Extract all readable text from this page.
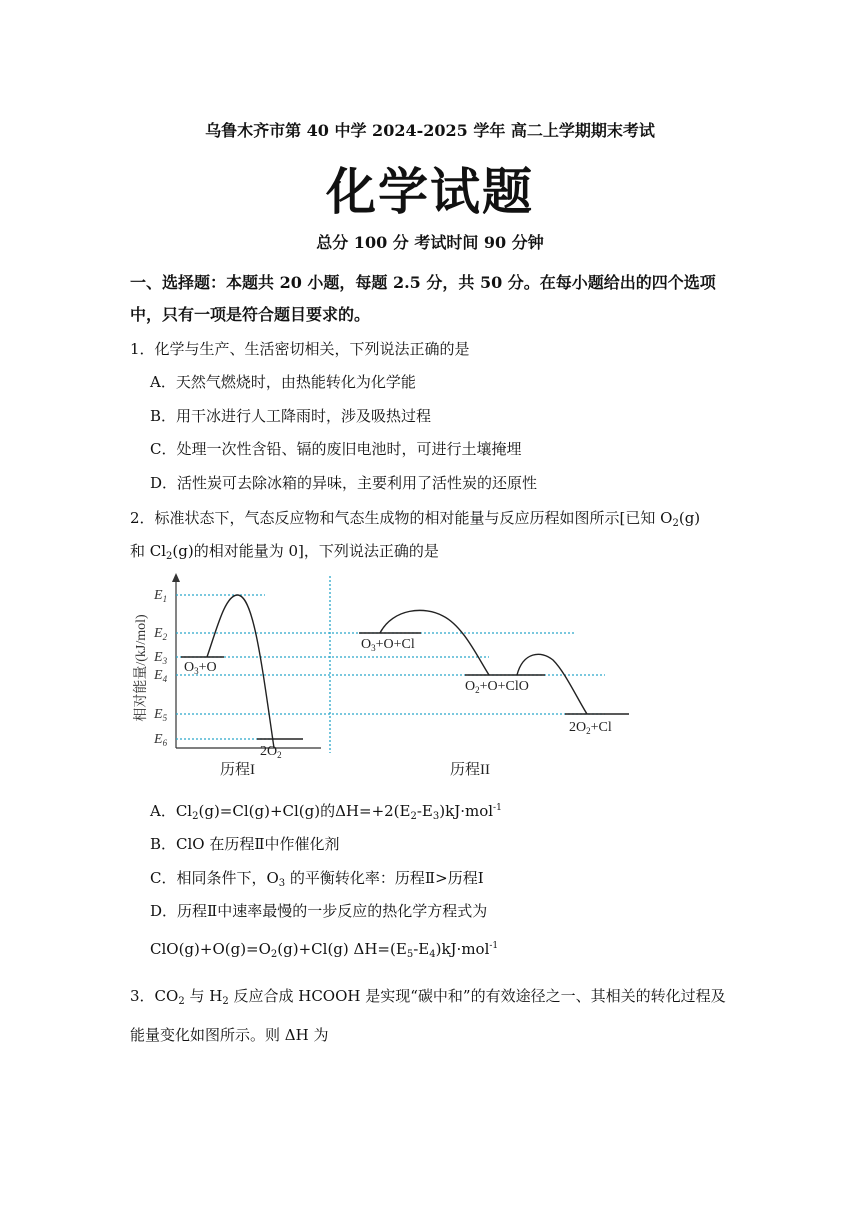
乌鲁木齐市第 40 中学 2024-2025 学年 高二上学期期末考试
化学试题
总分 100 分 考试时间 90 分钟
一、选择题：本题共 20 小题，每题 2.5 分，共 50 分。在每小题给出的四个选项
中，只有一项是符合题目要求的。
1．化学与生产、生活密切相关，下列说法正确的是
A．天然气燃烧时，由热能转化为化学能
B．用干冰进行人工降雨时，涉及吸热过程
C．处理一次性含铅、镉的废旧电池时，可进行土壤掩埋
D．活性炭可去除冰箱的异味，主要利用了活性炭的还原性
2．标准状态下，气态反应物和气态生成物的相对能量与反应历程如图所示[已知 $O_2(g)$
和 $Cl_2(g)$的相对能量为 0]，下列说法正确的是
相对能量/(kJ/mol)
$E_1$
$E_2$
$E_3$
$E_4$
$E_5$
$E_6$
$O_3+O$
$2O_2$
$O_3+O+Cl$
$O_2+O+ClO$
$2O_2+Cl$
历程I	历程II
A．$Cl_2(g)=Cl(g)+Cl(g)$的$\Delta H=+2(E_2-E_3)kJ\cdot mol^{-1}$
B．ClO 在历程Ⅱ中作催化剂
C．相同条件下，$O_3$ 的平衡转化率：历程Ⅱ>历程Ⅰ
D．历程Ⅱ中速率最慢的一步反应的热化学方程式为
$ClO(g)+O(g)=O_2(g)+Cl(g)$ $\Delta H=(E_5-E_4)kJ\cdot mol^{-1}$
3．$CO_2$ 与 $H_2$ 反应合成 HCOOH 是实现“碳中和”的有效途径之一、其相关的转化过程及
能量变化如图所示。则 ΔH 为
